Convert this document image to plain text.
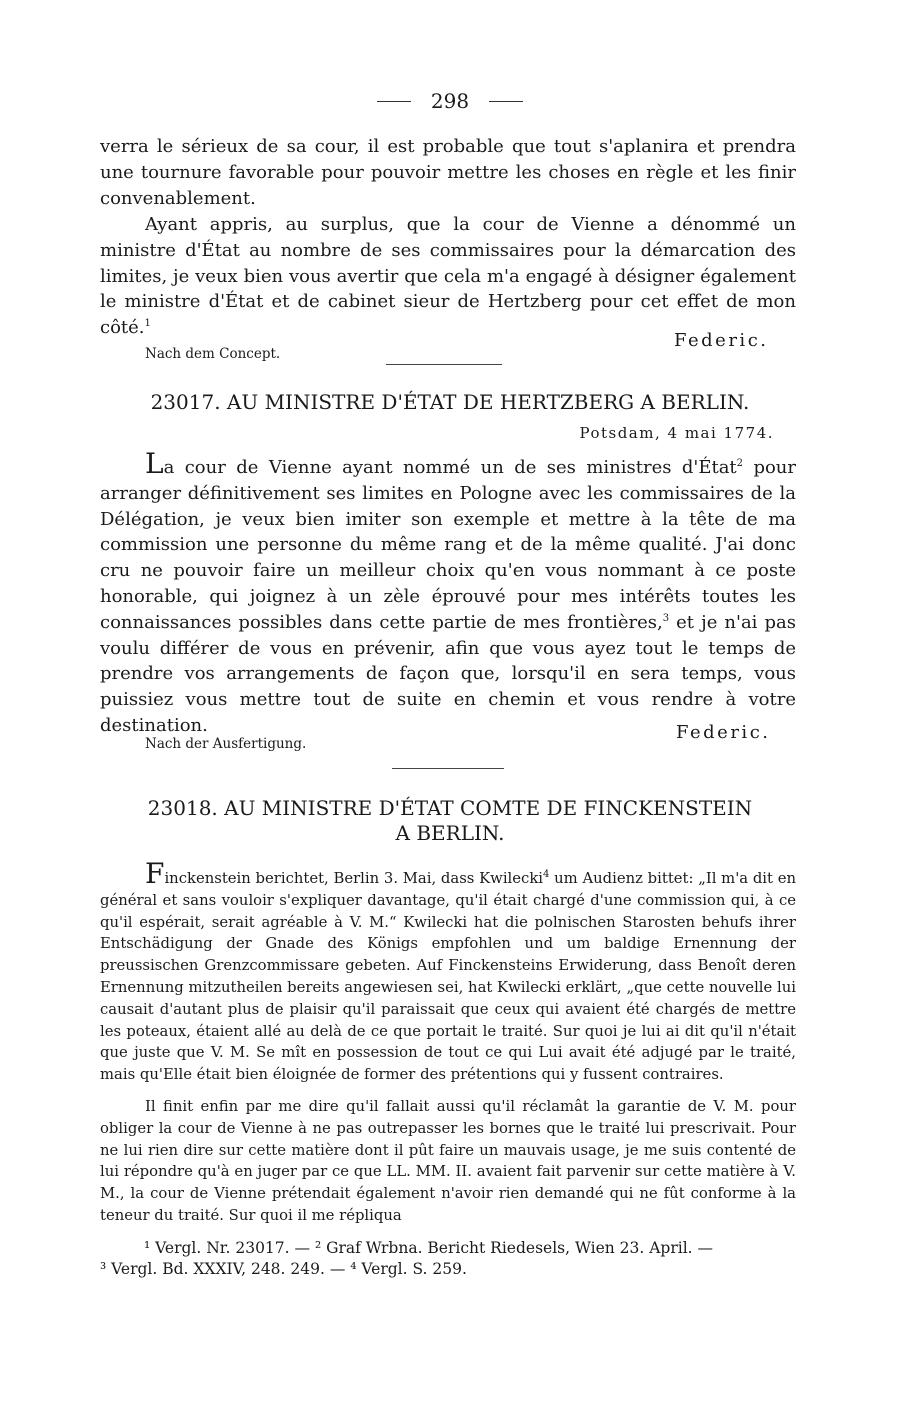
298

verra le sérieux de sa cour, il est probable que tout s'aplanira et prendra une tournure favorable pour pouvoir mettre les choses en règle et les finir convenablement.

Ayant appris, au surplus, que la cour de Vienne a dénommé un ministre d'État au nombre de ses commissaires pour la démarcation des limites, je veux bien vous avertir que cela m'a engagé à désigner également le ministre d'État et de cabinet sieur de Hertzberg pour cet effet de mon côté.$^1$

Federic.
Nach dem Concept.
23017. AU MINISTRE D'ÉTAT DE HERTZBERG A BERLIN.
Potsdam, 4 mai 1774.

La cour de Vienne ayant nommé un de ses ministres d'État$^2$ pour arranger définitivement ses limites en Pologne avec les commissaires de la Délégation, je veux bien imiter son exemple et mettre à la tête de ma commission une personne du même rang et de la même qualité. J'ai donc cru ne pouvoir faire un meilleur choix qu'en vous nommant à ce poste honorable, qui joignez à un zèle éprouvé pour mes intérêts toutes les connaissances possibles dans cette partie de mes frontières,$^3$ et je n'ai pas voulu différer de vous en prévenir, afin que vous ayez tout le temps de prendre vos arrangements de façon que, lorsqu'il en sera temps, vous puissiez vous mettre tout de suite en chemin et vous rendre à votre destination.	Federic.
Nach der Ausfertigung.
23018. AU MINISTRE D'ÉTAT COMTE DE FINCKENSTEIN
A BERLIN.

Finckenstein berichtet, Berlin 3. Mai, dass Kwilecki$^4$ um Audienz bittet: „Il m'a dit en général et sans vouloir s'expliquer davantage, qu'il était chargé d'une commission qui, à ce qu'il espérait, serait agréable à V. M.“ Kwilecki hat die polnischen Starosten behufs ihrer Entschädigung der Gnade des Königs empfohlen und um baldige Ernennung der preussischen Grenzcommissare gebeten. Auf Finckensteins Erwiderung, dass Benoît deren Ernennung mitzutheilen bereits angewiesen sei, hat Kwilecki erklärt, „que cette nouvelle lui causait d'autant plus de plaisir qu'il paraissait que ceux qui avaient été chargés de mettre les poteaux, étaient allé au delà de ce que portait le traité. Sur quoi je lui ai dit qu'il n'était que juste que V. M. Se mît en possession de tout ce qui Lui avait été adjugé par le traité, mais qu'Elle était bien éloignée de former des prétentions qui y fussent contraires.

Il finit enfin par me dire qu'il fallait aussi qu'il réclamât la garantie de V. M. pour obliger la cour de Vienne à ne pas outrepasser les bornes que le traité lui prescrivait. Pour ne lui rien dire sur cette matière dont il pût faire un mauvais usage, je me suis contenté de lui répondre qu'à en juger par ce que LL. MM. II. avaient fait parvenir sur cette matière à V. M., la cour de Vienne prétendait également n'avoir rien demandé qui ne fût conforme à la teneur du traité. Sur quoi il me répliqua

¹ Vergl. Nr. 23017. — ² Graf Wrbna. Bericht Riedesels, Wien 23. April. —
³ Vergl. Bd. XXXIV, 248. 249. — ⁴ Vergl. S. 259.
